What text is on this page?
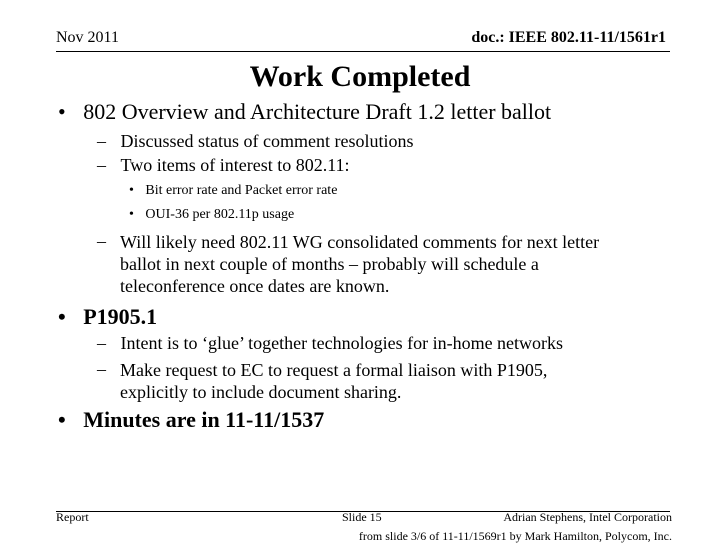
Nov 2011	doc.: IEEE 802.11-11/1561r1
Work Completed
• 802 Overview and Architecture Draft 1.2 letter ballot
– Discussed status of comment resolutions
– Two items of interest to 802.11:
• Bit error rate and Packet error rate
• OUI-36 per 802.11p usage
– Will likely need 802.11 WG consolidated comments for next letter
ballot in next couple of months – probably will schedule a
teleconference once dates are known.
• P1905.1
– Intent is to ‘glue’ together technologies for in-home networks
– Make request to EC to request a formal liaison with P1905,
explicitly to include document sharing.
• Minutes are in 11-11/1537
Report	Slide 15	Adrian Stephens, Intel Corporation
from slide 3/6 of 11-11/1569r1 by Mark Hamilton, Polycom, Inc.
